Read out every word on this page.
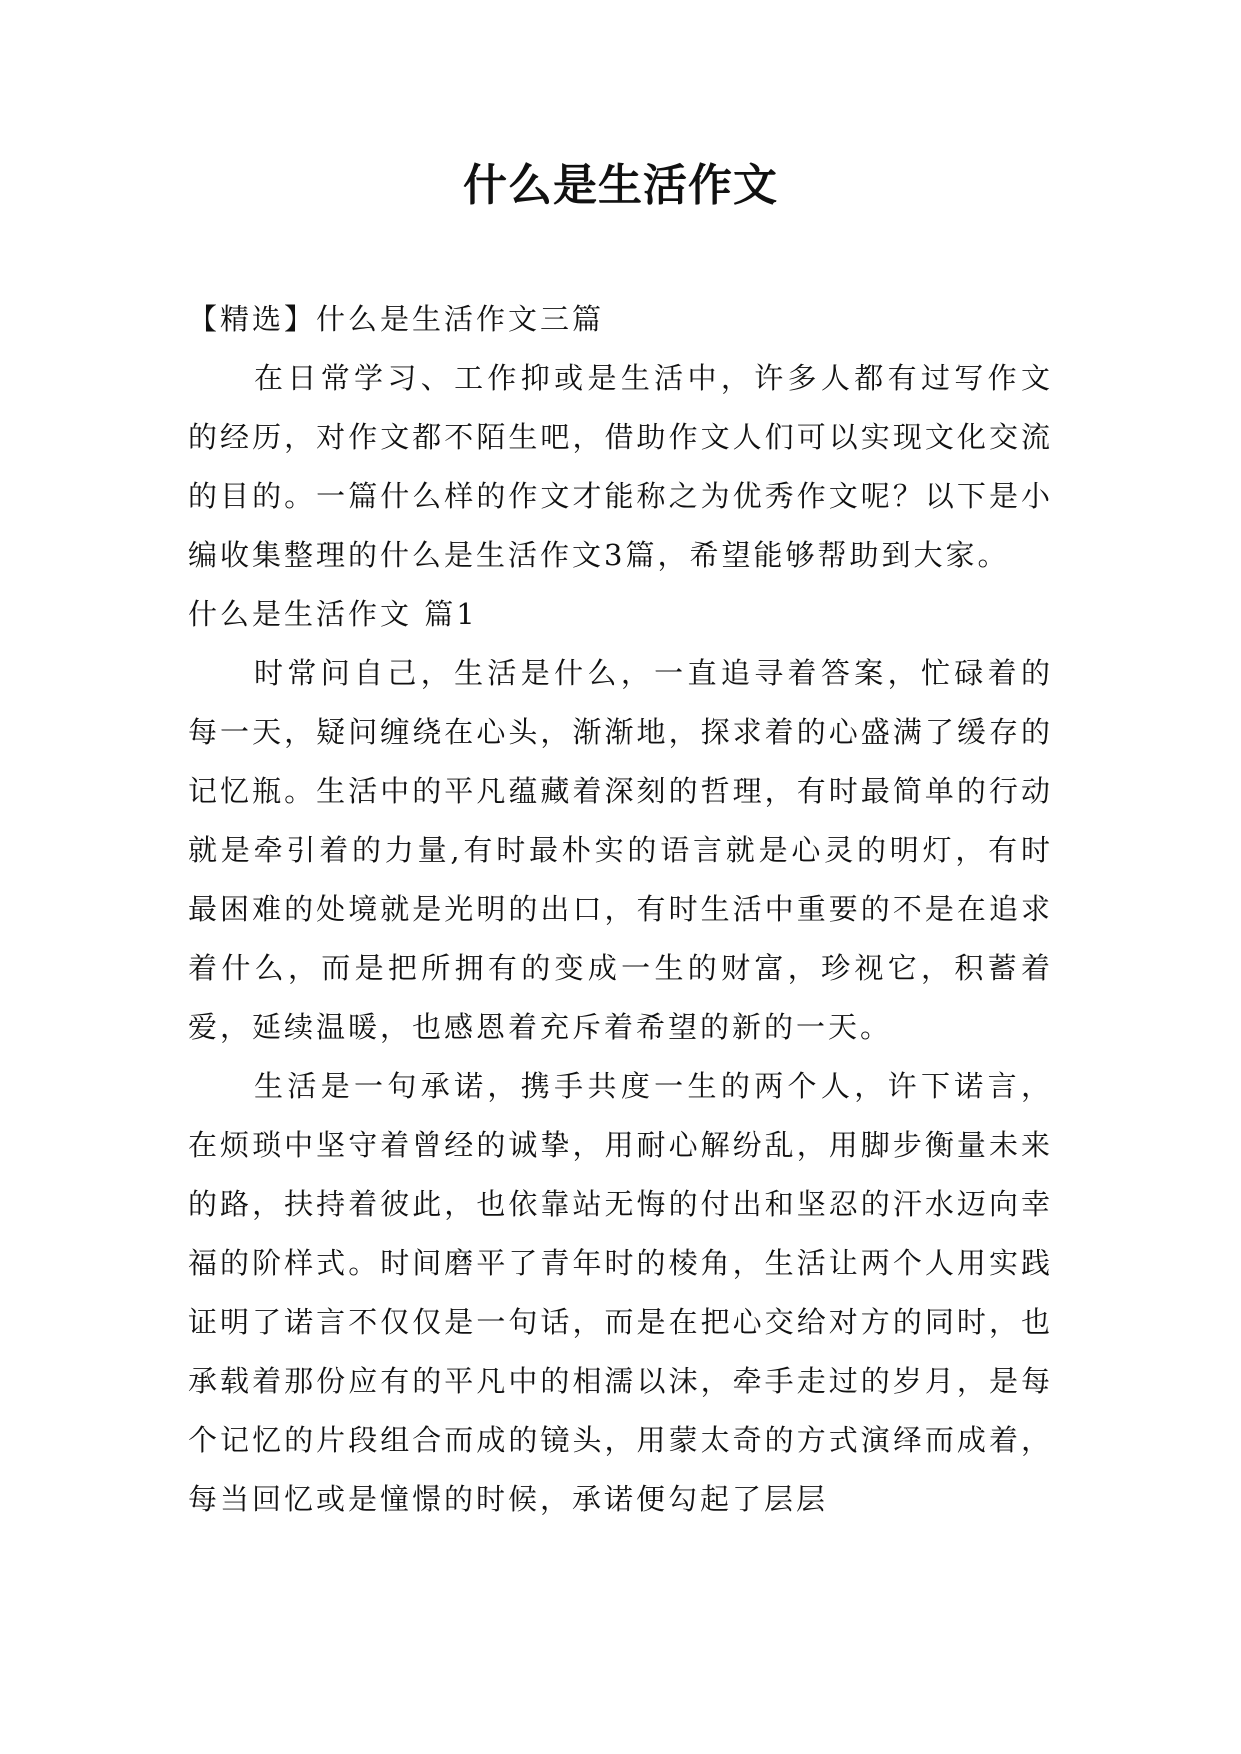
什么是生活作文

【精选】什么是生活作文三篇

在日常学习、工作抑或是生活中，许多人都有过写作文的经历，对作文都不陌生吧，借助作文人们可以实现文化交流的目的。一篇什么样的作文才能称之为优秀作文呢？以下是小编收集整理的什么是生活作文3篇，希望能够帮助到大家。

什么是生活作文 篇1

时常问自己，生活是什么，一直追寻着答案，忙碌着的每一天，疑问缠绕在心头，渐渐地，探求着的心盛满了缓存的记忆瓶。生活中的平凡蕴藏着深刻的哲理，有时最简单的行动就是牵引着的力量,有时最朴实的语言就是心灵的明灯，有时最困难的处境就是光明的出口，有时生活中重要的不是在追求着什么，而是把所拥有的变成一生的财富，珍视它，积蓄着爱，延续温暖，也感恩着充斥着希望的新的一天。

生活是一句承诺，携手共度一生的两个人，许下诺言，在烦琐中坚守着曾经的诚挚，用耐心解纷乱，用脚步衡量未来的路，扶持着彼此，也依靠站无悔的付出和坚忍的汗水迈向幸福的阶样式。时间磨平了青年时的棱角，生活让两个人用实践证明了诺言不仅仅是一句话，而是在把心交给对方的同时，也承载着那份应有的平凡中的相濡以沫，牵手走过的岁月，是每个记忆的片段组合而成的镜头，用蒙太奇的方式演绎而成着，每当回忆或是憧憬的时候，承诺便勾起了层层
